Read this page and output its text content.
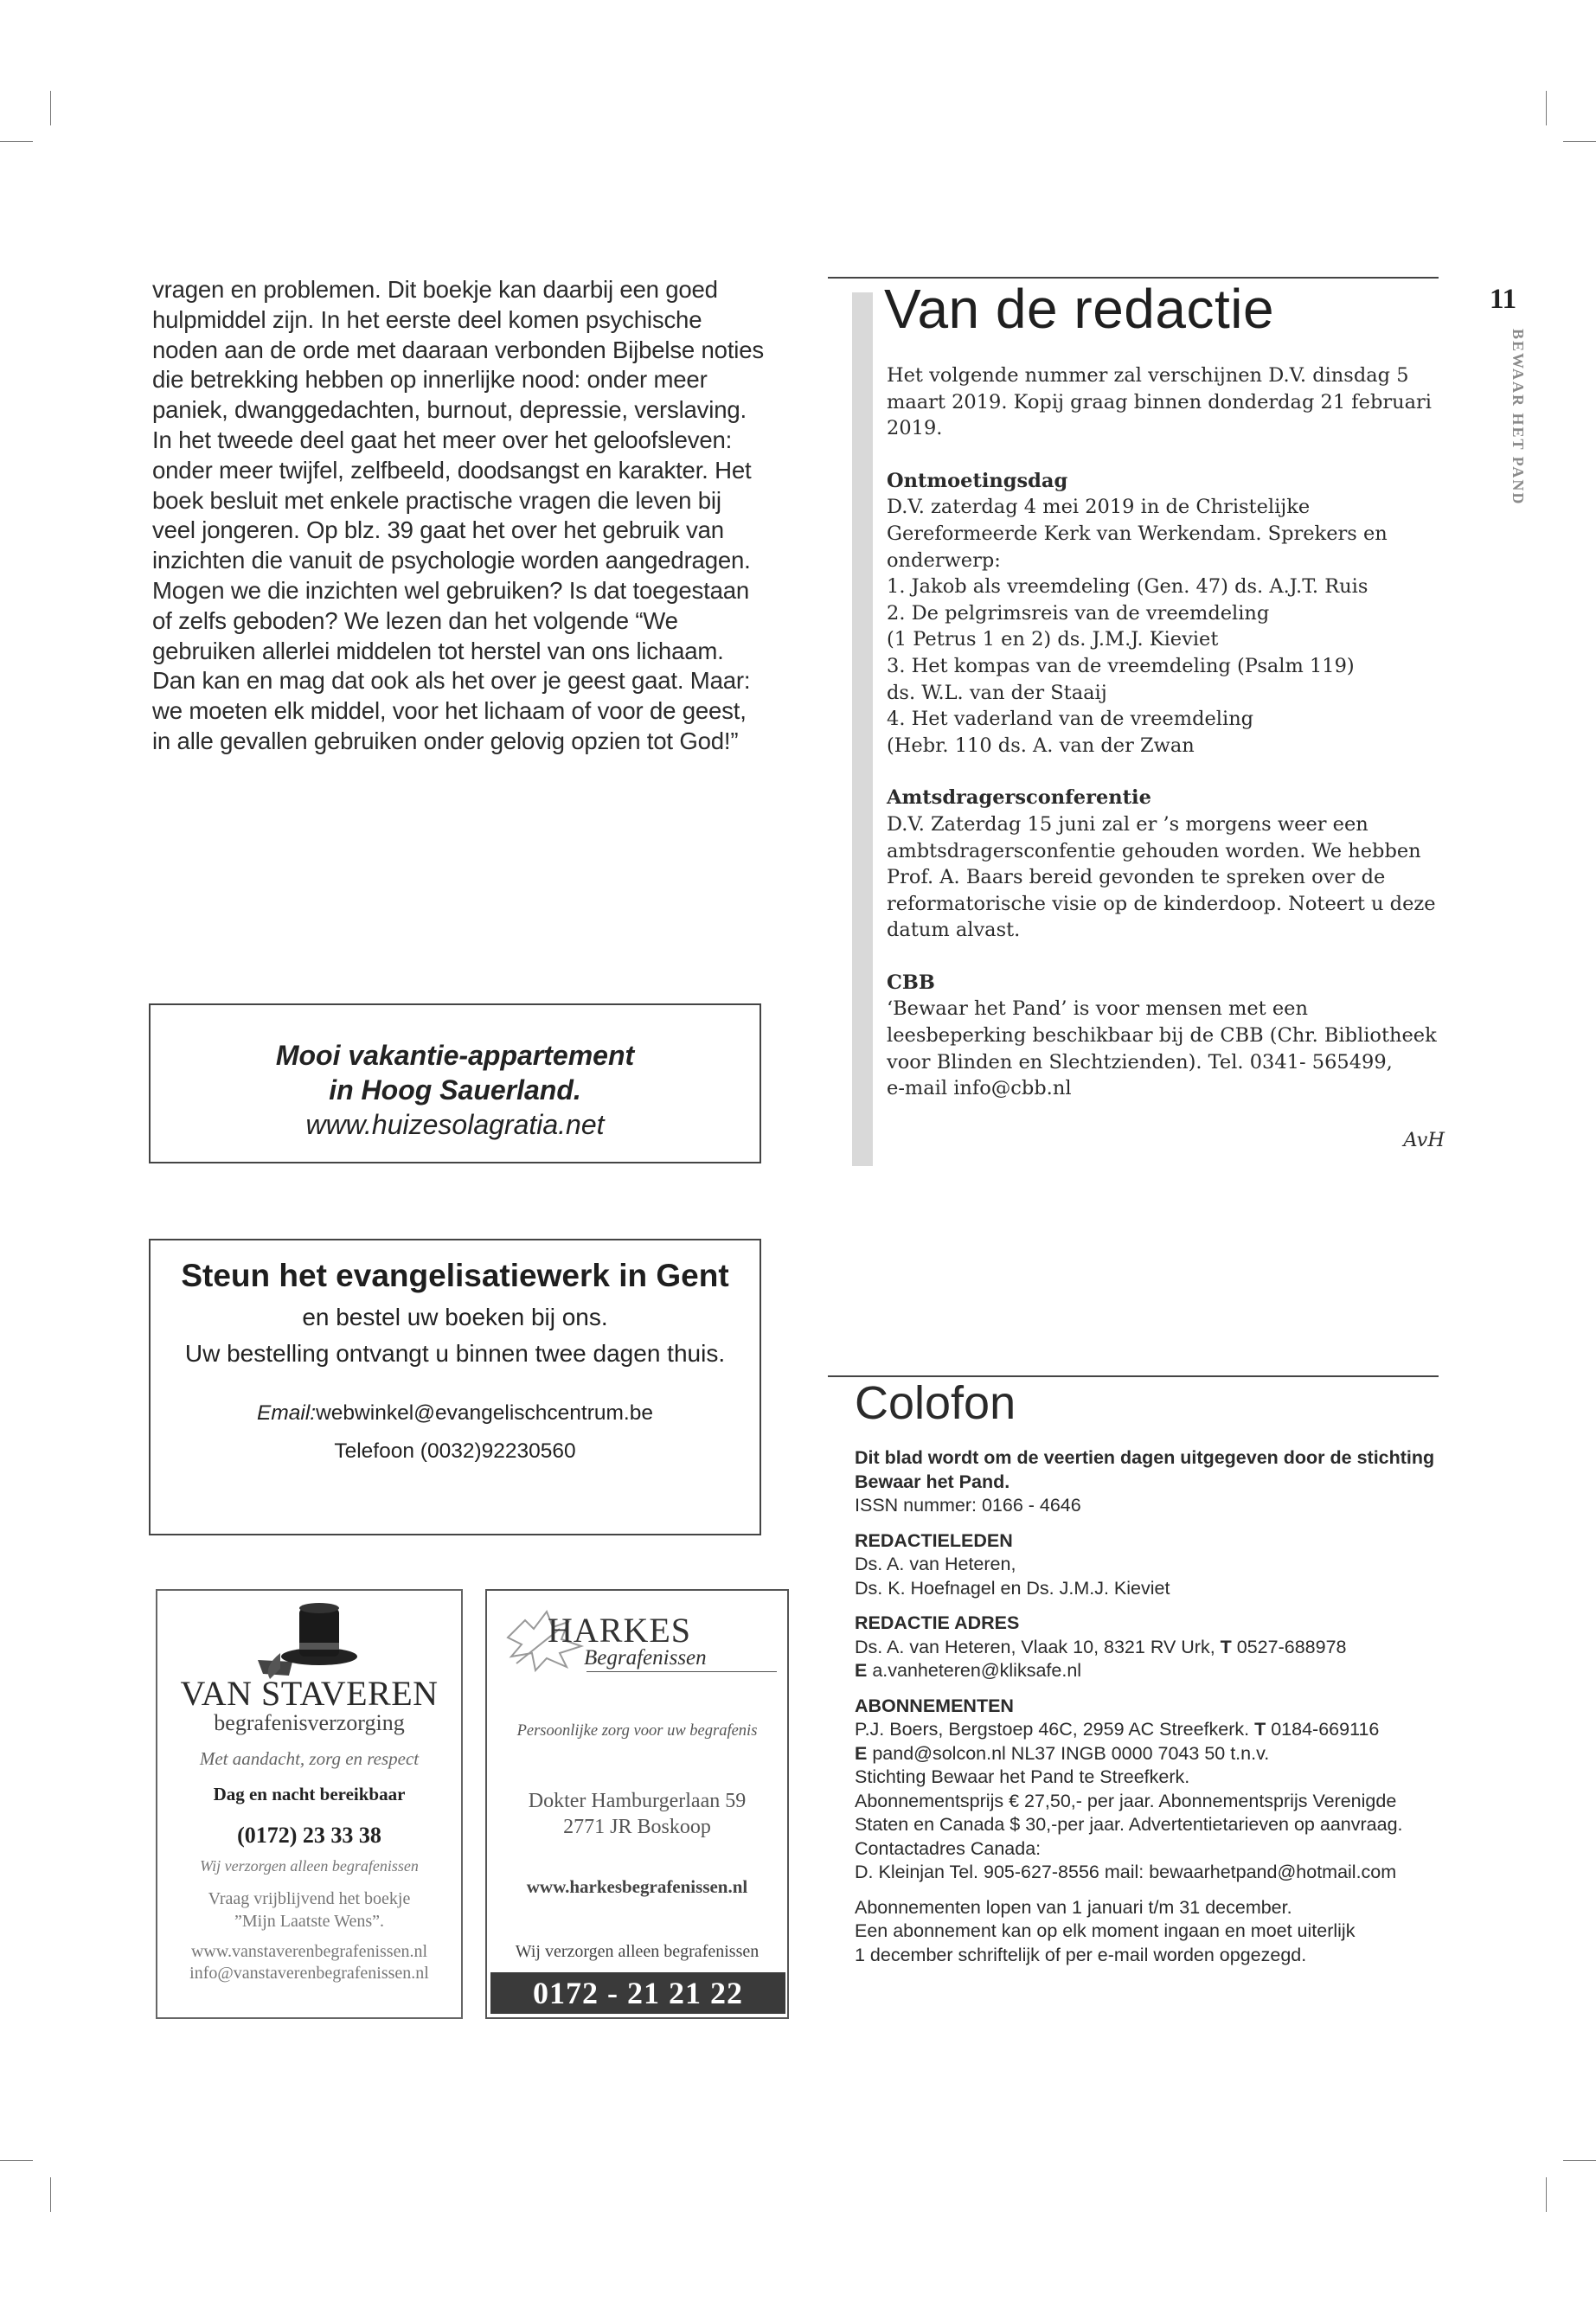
11
BEWAAR HET PAND

vragen en problemen. Dit boekje kan daarbij een goed

hulpmiddel zijn. In het eerste deel komen psychische

noden aan de orde met daaraan verbonden Bijbelse noties

die betrekking hebben op innerlijke nood: onder meer

paniek, dwanggedachten, burnout, depressie, verslaving.

In het tweede deel gaat het meer over het geloofsleven:

onder meer twijfel, zelfbeeld, doodsangst en karakter. Het

boek besluit met enkele practische vragen die leven bij

veel jongeren. Op blz. 39 gaat het over het gebruik van

inzichten die vanuit de psychologie worden aangedragen.

Mogen we die inzichten wel gebruiken? Is dat toegestaan

of zelfs geboden? We lezen dan het volgende “We

gebruiken allerlei middelen tot herstel van ons lichaam.

Dan kan en mag dat ook als het over je geest gaat. Maar:

we moeten elk middel, voor het lichaam of voor de geest,

in alle gevallen gebruiken onder gelovig opzien tot God!”

Van de redactie
Het volgende nummer zal verschijnen D.V. dinsdag 5
maart 2019. Kopij graag binnen donderdag 21 februari
2019.
Ontmoetingsdag
D.V. zaterdag 4 mei 2019 in de Christelijke
Gereformeerde Kerk van Werkendam. Sprekers en
onderwerp:
1. Jakob als vreemdeling (Gen. 47) ds. A.J.T. Ruis
2. De pelgrimsreis van de vreemdeling
(1 Petrus 1 en 2) ds. J.M.J. Kieviet
3. Het kompas van de vreemdeling (Psalm 119)
ds. W.L. van der Staaij
4. Het vaderland van de vreemdeling
(Hebr. 110 ds. A. van der Zwan
Amtsdragersconferentie
D.V. Zaterdag 15 juni zal er ’s morgens weer een
ambtsdragersconfentie gehouden worden. We hebben
Prof. A. Baars bereid gevonden te spreken over de
reformatorische visie op de kinderdoop. Noteert u deze
datum alvast.
CBB
‘Bewaar het Pand’ is voor mensen met een
leesbeperking beschikbaar bij de CBB (Chr. Bibliotheek
voor Blinden en Slechtzienden). Tel. 0341- 565499,
e-mail info@cbb.nl
AvH
Mooi vakantie-appartement
in Hoog Sauerland.
www.huizesolagratia.net
Steun het evangelisatiewerk in Gent
en bestel uw boeken bij ons.
Uw bestelling ontvangt u binnen twee dagen thuis.
Email:webwinkel@evangelischcentrum.be
Telefoon (0032)92230560
VAN STAVEREN
begrafenisverzorging
Met aandacht, zorg en respect
Dag en nacht bereikbaar
(0172) 23 33 38
Wij verzorgen alleen begrafenissen
Vraag vrijblijvend het boekje
”Mijn Laatste Wens”.
www.vanstaverenbegrafenissen.nl
info@vanstaverenbegrafenissen.nl
HARKES
Begrafenissen
Persoonlijke zorg voor uw begrafenis
Dokter Hamburgerlaan 59
2771 JR Boskoop
www.harkesbegrafenissen.nl
Wij verzorgen alleen begrafenissen
0172 - 21 21 22
Colofon
Dit blad wordt om de veertien dagen uitgegeven door de stichting
Bewaar het Pand.
ISSN nummer: 0166 - 4646
REDACTIELEDEN
Ds. A. van Heteren,
Ds. K. Hoefnagel en Ds. J.M.J. Kieviet
REDACTIE ADRES
Ds. A. van Heteren, Vlaak 10, 8321 RV Urk, T 0527-688978
E a.vanheteren@kliksafe.nl
ABONNEMENTEN
P.J. Boers, Bergstoep 46C, 2959 AC Streefkerk. T 0184-669116
E pand@solcon.nl NL37 INGB 0000 7043 50 t.n.v.
Stichting Bewaar het Pand te Streefkerk.
Abonnementsprijs € 27,50,- per jaar. Abonnementsprijs Verenigde
Staten en Canada $ 30,-per jaar. Advertentietarieven op aanvraag.
Contactadres Canada:
D. Kleinjan Tel. 905-627-8556 mail: bewaarhetpand@hotmail.com
Abonnementen lopen van 1 januari t/m 31 december.
Een abonnement kan op elk moment ingaan en moet uiterlijk
1 december schriftelijk of per e-mail worden opgezegd.
